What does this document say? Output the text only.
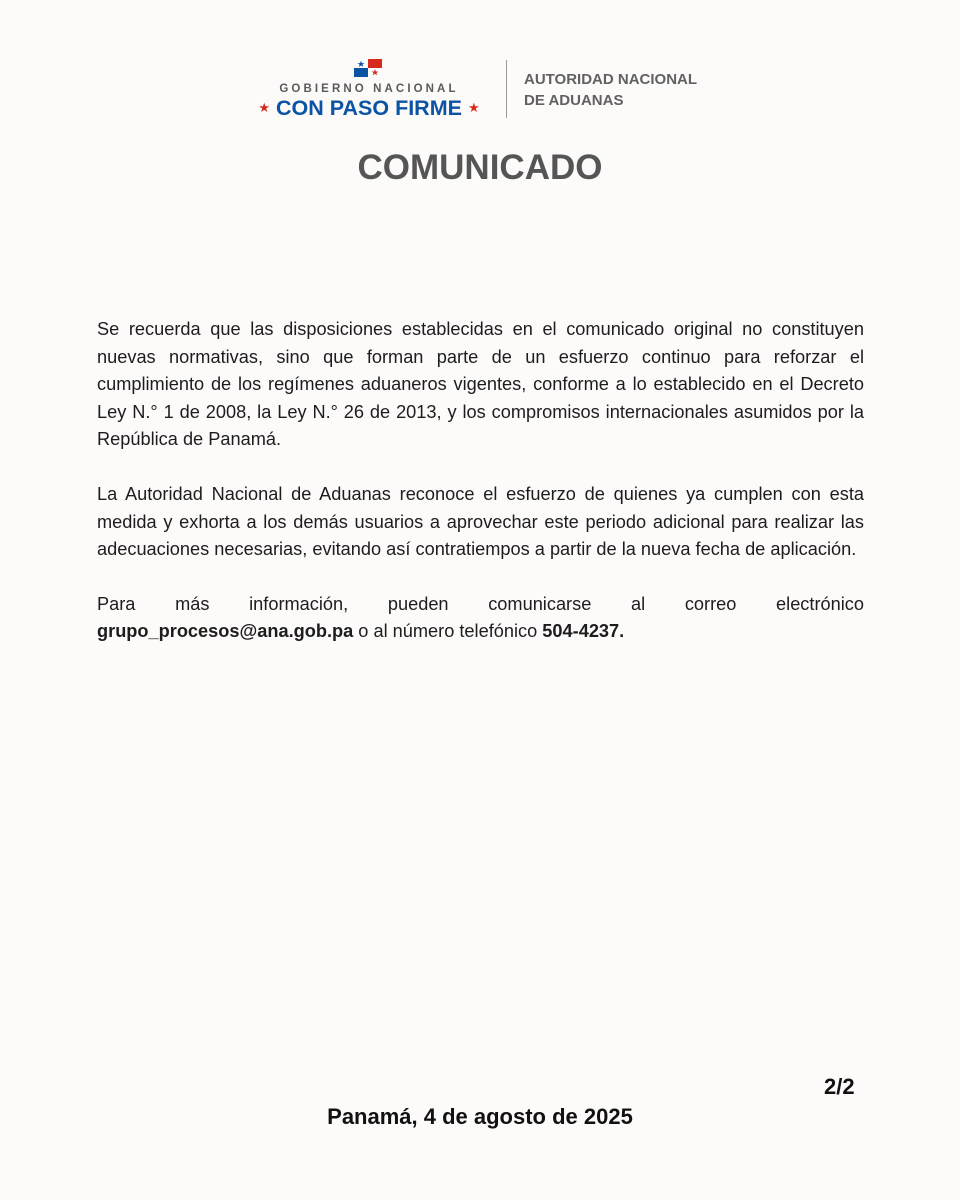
GOBIERNO NACIONAL
★ CON PASO FIRME ★
AUTORIDAD NACIONAL
DE ADUANAS
COMUNICADO

Se recuerda que las disposiciones establecidas en el comunicado original no constituyen nuevas normativas, sino que forman parte de un esfuerzo continuo para reforzar el cumplimiento de los regímenes aduaneros vigentes, conforme a lo establecido en el Decreto Ley N.° 1 de 2008, la Ley N.° 26 de 2013, y los compromisos internacionales asumidos por la República de Panamá.

La Autoridad Nacional de Aduanas reconoce el esfuerzo de quienes ya cumplen con esta medida y exhorta a los demás usuarios a aprovechar este periodo adicional para realizar las adecuaciones necesarias, evitando así contratiempos a partir de la nueva fecha de aplicación.

Para más información, pueden comunicarse al correo electrónico

grupo_procesos@ana.gob.pa o al número telefónico 504-4237.

2/2
Panamá, 4 de agosto de 2025
